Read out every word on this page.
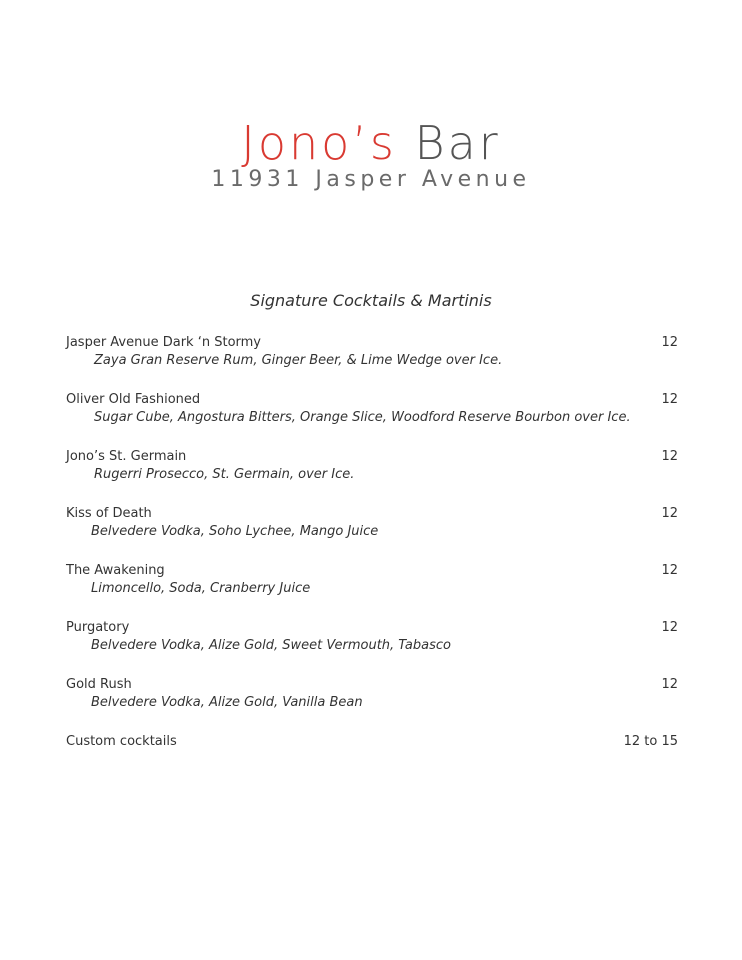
Jono’s Bar
11931 Jasper Avenue
Signature Cocktails & Martinis
Jasper Avenue Dark ‘n Stormy	12
Zaya Gran Reserve Rum, Ginger Beer, & Lime Wedge over Ice.
Oliver Old Fashioned	12
Sugar Cube, Angostura Bitters, Orange Slice, Woodford Reserve Bourbon over Ice.
Jono’s St. Germain	12
Rugerri Prosecco, St. Germain, over Ice.
Kiss of Death	12
Belvedere Vodka, Soho Lychee, Mango Juice
The Awakening	12
Limoncello, Soda, Cranberry Juice
Purgatory	12
Belvedere Vodka, Alize Gold, Sweet Vermouth, Tabasco
Gold Rush	12
Belvedere Vodka, Alize Gold, Vanilla Bean
Custom cocktails	12 to 15
